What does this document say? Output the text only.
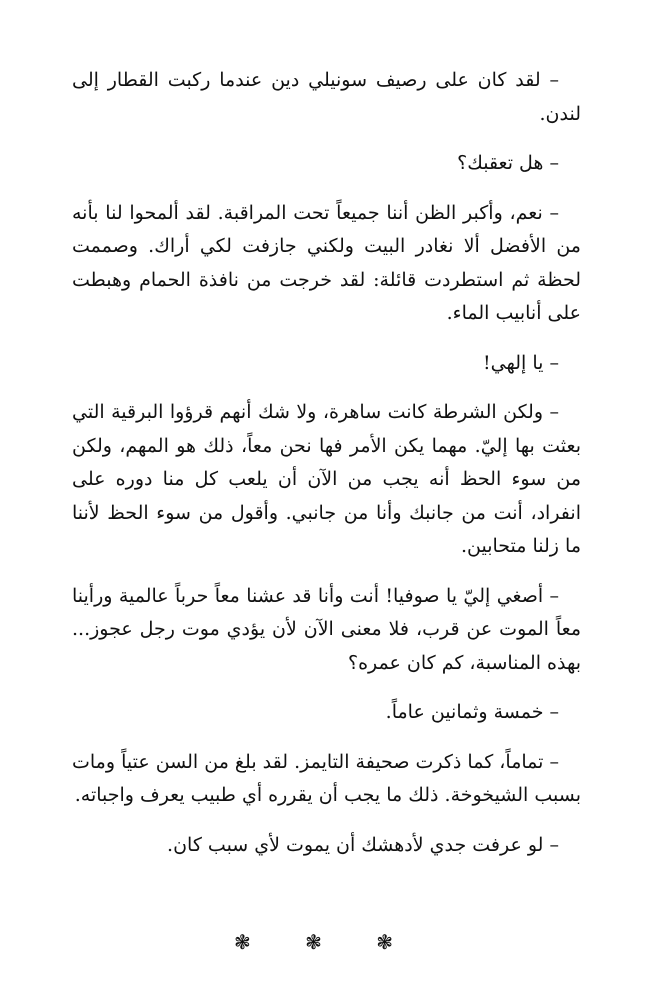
– لقد كان على رصيف سونيلي دين عندما ركبت القطار إلى لندن.

– هل تعقبك؟

– نعم، وأكبر الظن أننا جميعاً تحت المراقبة. لقد ألمحوا لنا بأنه من الأفضل ألا نغادر البيت ولكني جازفت لكي أراك. وصممت لحظة ثم استطردت قائلة: لقد خرجت من نافذة الحمام وهبطت على أنابيب الماء.

– يا إلهي!

– ولكن الشرطة كانت ساهرة، ولا شك أنهم قرؤوا البرقية التي بعثت بها إليّ. مهما يكن الأمر فها نحن معاً، ذلك هو المهم، ولكن من سوء الحظ أنه يجب من الآن أن يلعب كل منا دوره على انفراد، أنت من جانبك وأنا من جانبي. وأقول من سوء الحظ لأننا ما زلنا متحابين.

– أصغي إليّ يا صوفيا! أنت وأنا قد عشنا معاً حرباً عالمية ورأينا معاً الموت عن قرب، فلا معنى الآن لأن يؤدي موت رجل عجوز... بهذه المناسبة، كم كان عمره؟

– خمسة وثمانين عاماً.

– تماماً، كما ذكرت صحيفة التايمز. لقد بلغ من السن عتياً ومات بسبب الشيخوخة. ذلك ما يجب أن يقرره أي طبيب يعرف واجباته.

– لو عرفت جدي لأدهشك أن يموت لأي سبب كان.

❃ ❃ ❃
